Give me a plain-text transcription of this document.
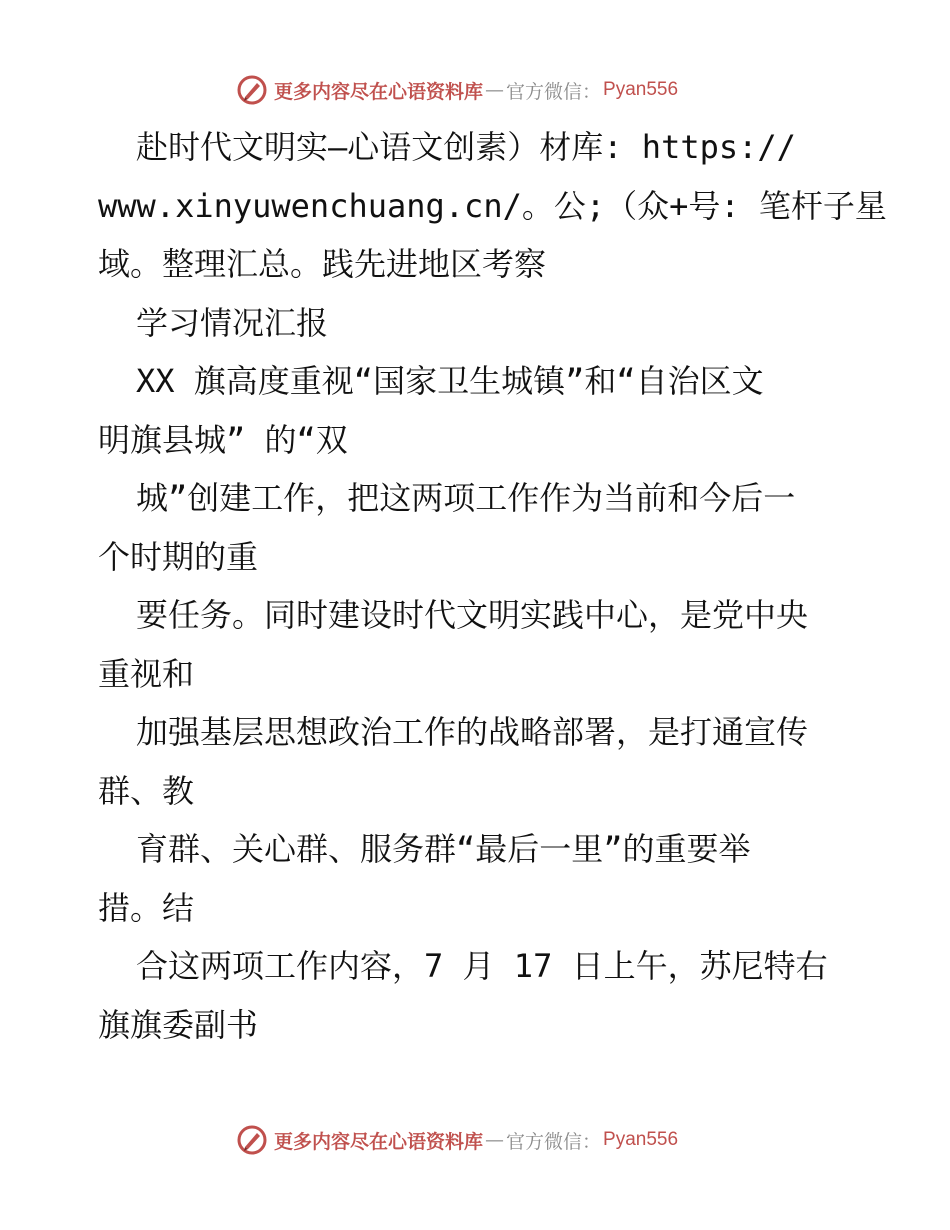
更多内容尽在心语资料库 — 官方微信： Pyan556
赴时代文明实—心语文创素）材库: https://
www.xinyuwenchuang.cn/。公;（众+号: 笔杆子星
域。整理汇总。践先进地区考察
学习情况汇报
XX 旗高度重视“国家卫生城镇”和“自治区文
明旗县城” 的“双
城”创建工作，把这两项工作作为当前和今后一
个时期的重
要任务。同时建设时代文明实践中心，是党中央
重视和
加强基层思想政治工作的战略部署，是打通宣传
群、教
育群、关心群、服务群“最后一里”的重要举
措。结
合这两项工作内容，7 月 17 日上午，苏尼特右
旗旗委副书
更多内容尽在心语资料库 — 官方微信： Pyan556
